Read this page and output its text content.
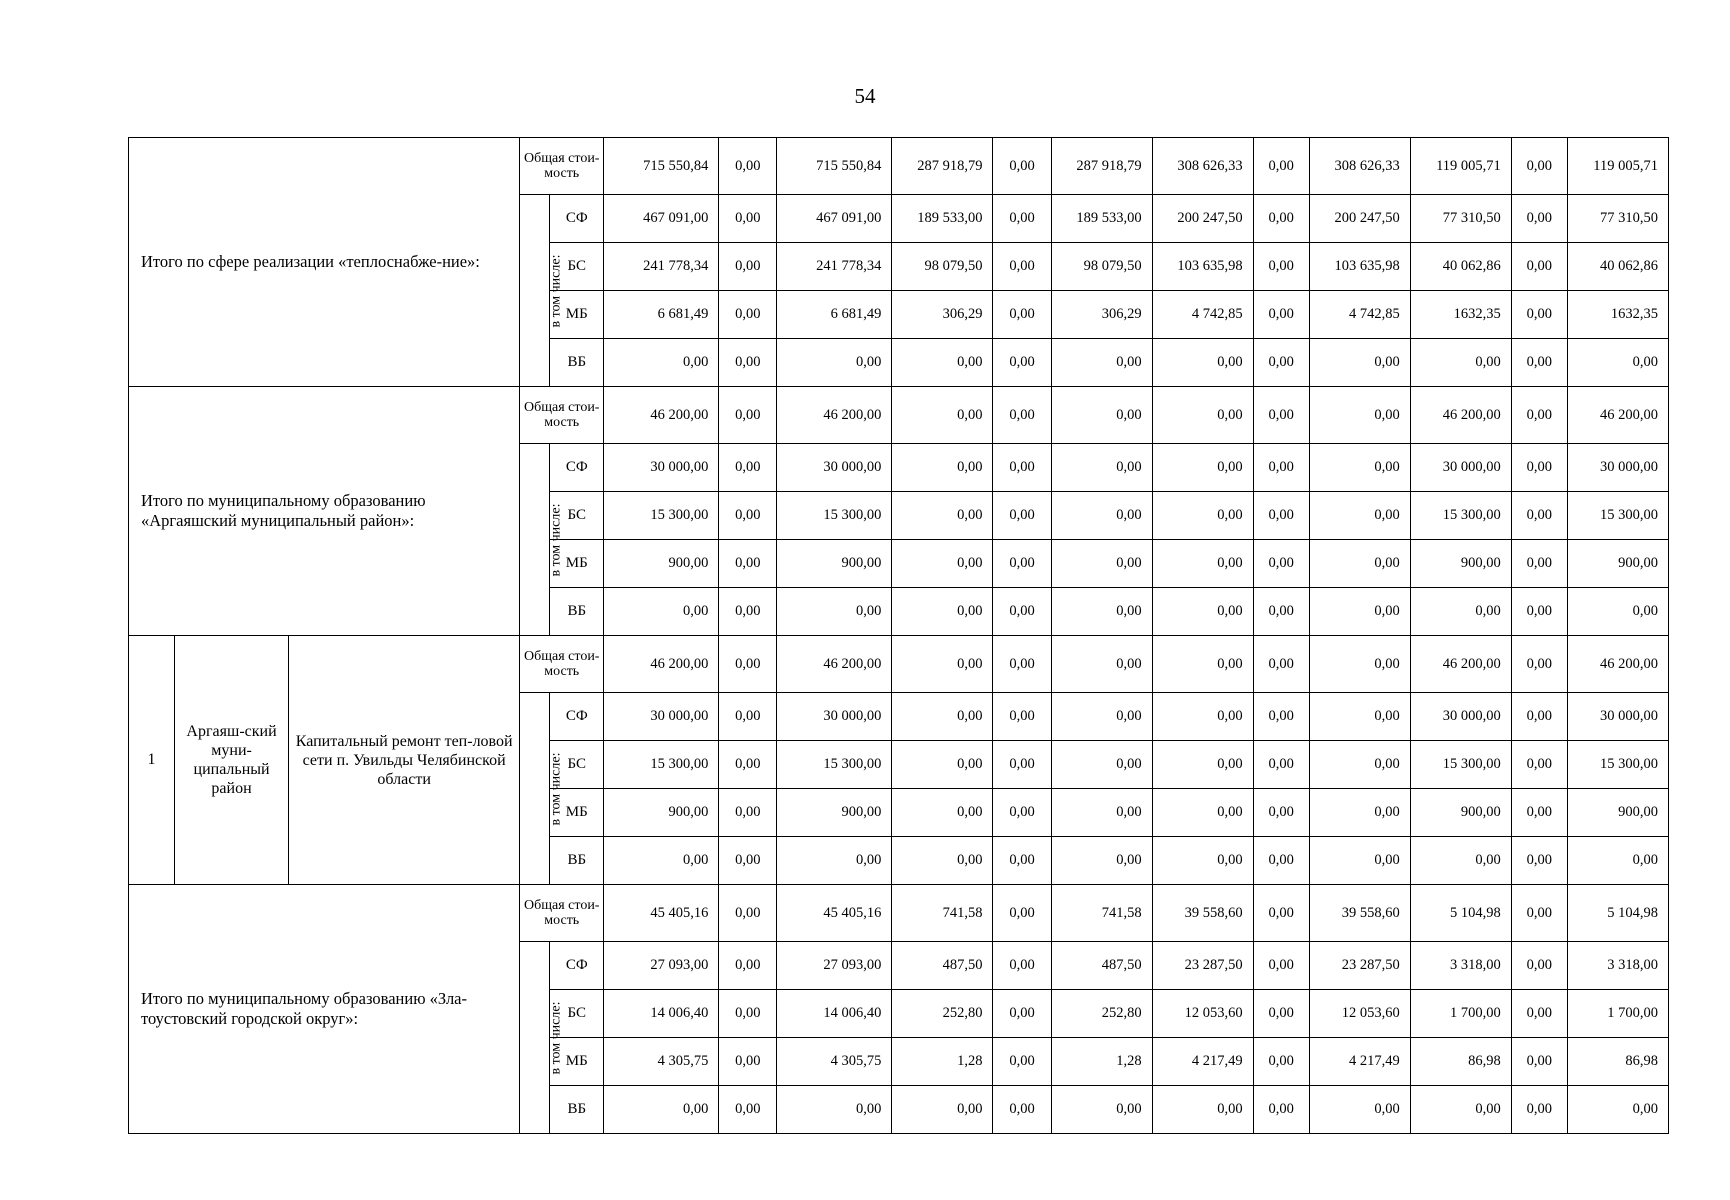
54
Итого по сфере реализации «теплоснабже-ние»:			Общая стои-мость		715 550,84	0,00	715 550,84	287 918,79	0,00	287 918,79	308 626,33	0,00	308 626,33	119 005,71	0,00	119 005,71
			в том числе:	СФ	467 091,00	0,00	467 091,00	189 533,00	0,00	189 533,00	200 247,50	0,00	200 247,50	77 310,50	0,00	77 310,50
				БС	241 778,34	0,00	241 778,34	98 079,50	0,00	98 079,50	103 635,98	0,00	103 635,98	40 062,86	0,00	40 062,86
				МБ	6 681,49	0,00	6 681,49	306,29	0,00	306,29	4 742,85	0,00	4 742,85	1632,35	0,00	1632,35
				ВБ	0,00	0,00	0,00	0,00	0,00	0,00	0,00	0,00	0,00	0,00	0,00	0,00
Итого по муниципальному образованию «Аргаяшский муниципальный район»:			Общая стои-мость		46 200,00	0,00	46 200,00	0,00	0,00	0,00	0,00	0,00	0,00	46 200,00	0,00	46 200,00
			в том числе:	СФ	30 000,00	0,00	30 000,00	0,00	0,00	0,00	0,00	0,00	0,00	30 000,00	0,00	30 000,00
				БС	15 300,00	0,00	15 300,00	0,00	0,00	0,00	0,00	0,00	0,00	15 300,00	0,00	15 300,00
				МБ	900,00	0,00	900,00	0,00	0,00	0,00	0,00	0,00	0,00	900,00	0,00	900,00
				ВБ	0,00	0,00	0,00	0,00	0,00	0,00	0,00	0,00	0,00	0,00	0,00	0,00
1	Аргаяш-ский муни-ципальный район	Капитальный ремонт теп-ловой сети п. Увильды Челябинской области	Общая стои-мость		46 200,00	0,00	46 200,00	0,00	0,00	0,00	0,00	0,00	0,00	46 200,00	0,00	46 200,00
			в том числе:	СФ	30 000,00	0,00	30 000,00	0,00	0,00	0,00	0,00	0,00	0,00	30 000,00	0,00	30 000,00
				БС	15 300,00	0,00	15 300,00	0,00	0,00	0,00	0,00	0,00	0,00	15 300,00	0,00	15 300,00
				МБ	900,00	0,00	900,00	0,00	0,00	0,00	0,00	0,00	0,00	900,00	0,00	900,00
				ВБ	0,00	0,00	0,00	0,00	0,00	0,00	0,00	0,00	0,00	0,00	0,00	0,00
Итого по муниципальному образованию «Зла-тоустовский городской округ»:			Общая стои-мость		45 405,16	0,00	45 405,16	741,58	0,00	741,58	39 558,60	0,00	39 558,60	5 104,98	0,00	5 104,98
			в том числе:	СФ	27 093,00	0,00	27 093,00	487,50	0,00	487,50	23 287,50	0,00	23 287,50	3 318,00	0,00	3 318,00
				БС	14 006,40	0,00	14 006,40	252,80	0,00	252,80	12 053,60	0,00	12 053,60	1 700,00	0,00	1 700,00
				МБ	4 305,75	0,00	4 305,75	1,28	0,00	1,28	4 217,49	0,00	4 217,49	86,98	0,00	86,98
				ВБ	0,00	0,00	0,00	0,00	0,00	0,00	0,00	0,00	0,00	0,00	0,00	0,00
